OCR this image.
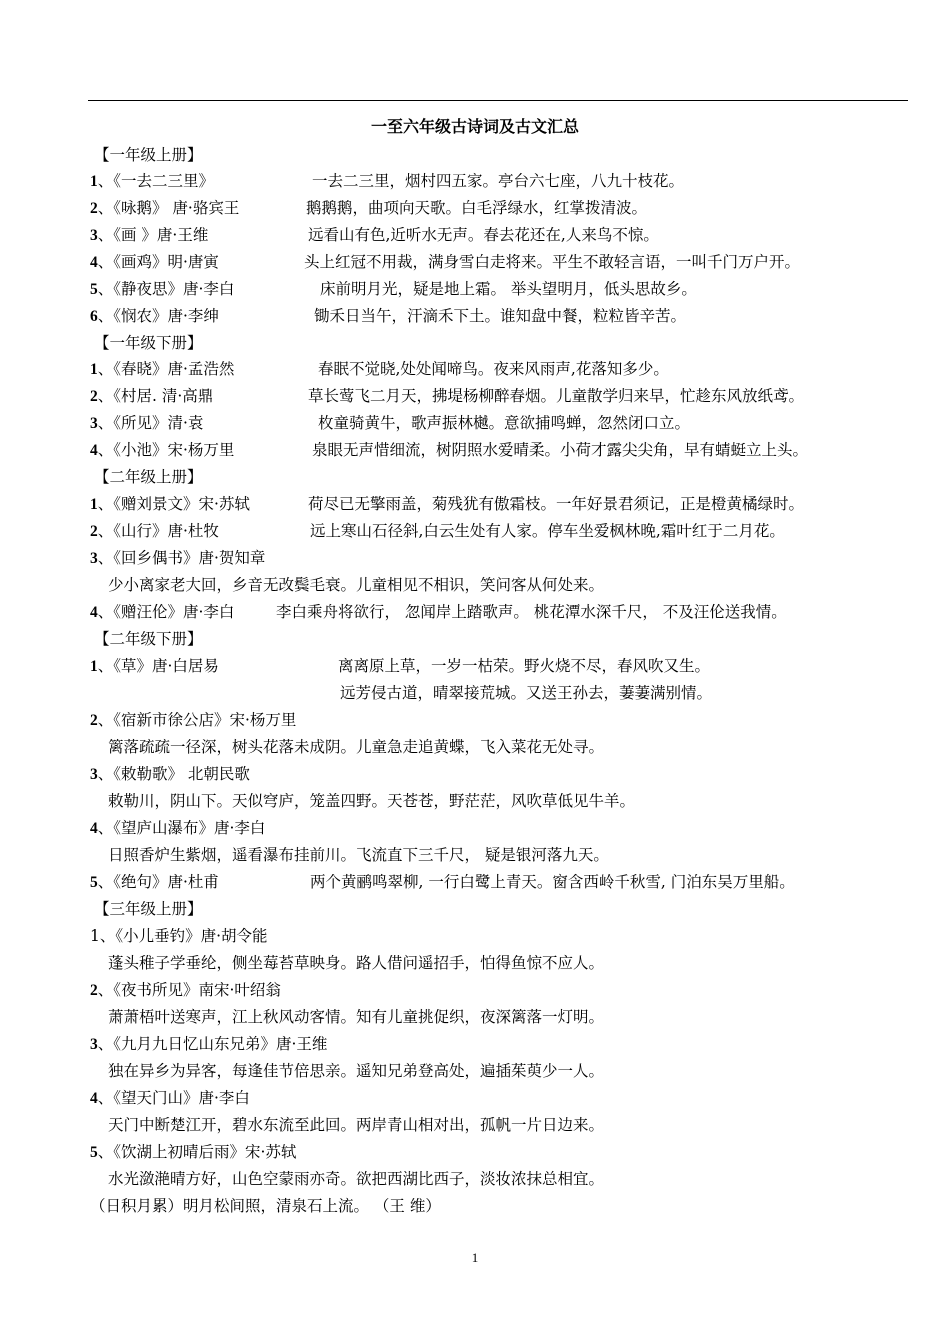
一至六年级古诗词及古文汇总
【一年级上册】
1、《一去二三里》	一去二三里，烟村四五家。亭台六七座，八九十枝花。
2、《咏鹅》 唐·骆宾王	鹅鹅鹅，曲项向天歌。白毛浮绿水，红掌拨清波。
3、《画 》唐·王维	远看山有色,近听水无声。春去花还在,人来鸟不惊。
4、《画鸡》明·唐寅	头上红冠不用裁，满身雪白走将来。平生不敢轻言语，一叫千门万户开。
5、《静夜思》唐·李白	床前明月光，疑是地上霜。 举头望明月，低头思故乡。
6、《悯农》唐·李绅	锄禾日当午，汗滴禾下土。谁知盘中餐，粒粒皆辛苦。
【一年级下册】
1、《春晓》唐·孟浩然	春眠不觉晓,处处闻啼鸟。夜来风雨声,花落知多少。
2、《村居. 清·高鼎	草长莺飞二月天，拂堤杨柳醉春烟。儿童散学归来早，忙趁东风放纸鸢。
3、《所见》清·袁	枚童骑黄牛，歌声振林樾。意欲捕鸣蝉，忽然闭口立。
4、《小池》宋·杨万里	泉眼无声惜细流，树阴照水爱晴柔。小荷才露尖尖角，早有蜻蜓立上头。
【二年级上册】
1、《赠刘景文》宋·苏轼	荷尽已无擎雨盖，菊残犹有傲霜枝。一年好景君须记，正是橙黄橘绿时。
2、《山行》唐·杜牧	远上寒山石径斜,白云生处有人家。停车坐爱枫林晚,霜叶红于二月花。
3、《回乡偶书》唐·贺知章
少小离家老大回，乡音无改鬓毛衰。儿童相见不相识，笑问客从何处来。
4、《赠汪伦》唐·李白	李白乘舟将欲行， 忽闻岸上踏歌声。 桃花潭水深千尺， 不及汪伦送我情。
【二年级下册】
1、《草》唐·白居易	离离原上草，一岁一枯荣。野火烧不尽，春风吹又生。
远芳侵古道，晴翠接荒城。又送王孙去，萋萋满别情。
2、《宿新市徐公店》宋·杨万里
篱落疏疏一径深，树头花落未成阴。儿童急走追黄蝶，飞入菜花无处寻。
3、《敕勒歌》 北朝民歌
敕勒川，阴山下。天似穹庐，笼盖四野。天苍苍，野茫茫，风吹草低见牛羊。
4、《望庐山瀑布》唐·李白
日照香炉生紫烟，遥看瀑布挂前川。飞流直下三千尺， 疑是银河落九天。
5、《绝句》唐·杜甫	两个黄鹂鸣翠柳, 一行白鹭上青天。窗含西岭千秋雪, 门泊东吴万里船。
【三年级上册】
1、《小儿垂钓》唐·胡令能
蓬头稚子学垂纶，侧坐莓苔草映身。路人借问遥招手，怕得鱼惊不应人。
2、《夜书所见》南宋·叶绍翁
萧萧梧叶送寒声，江上秋风动客情。知有儿童挑促织，夜深篱落一灯明。
3、《九月九日忆山东兄弟》唐·王维
独在异乡为异客，每逢佳节倍思亲。遥知兄弟登高处，遍插茱萸少一人。
4、《望天门山》唐·李白
天门中断楚江开，碧水东流至此回。两岸青山相对出，孤帆一片日边来。
5、《饮湖上初晴后雨》宋·苏轼
水光潋滟晴方好，山色空蒙雨亦奇。欲把西湖比西子，淡妆浓抹总相宜。
（日积月累）明月松间照，清泉石上流。 （王 维）
1
